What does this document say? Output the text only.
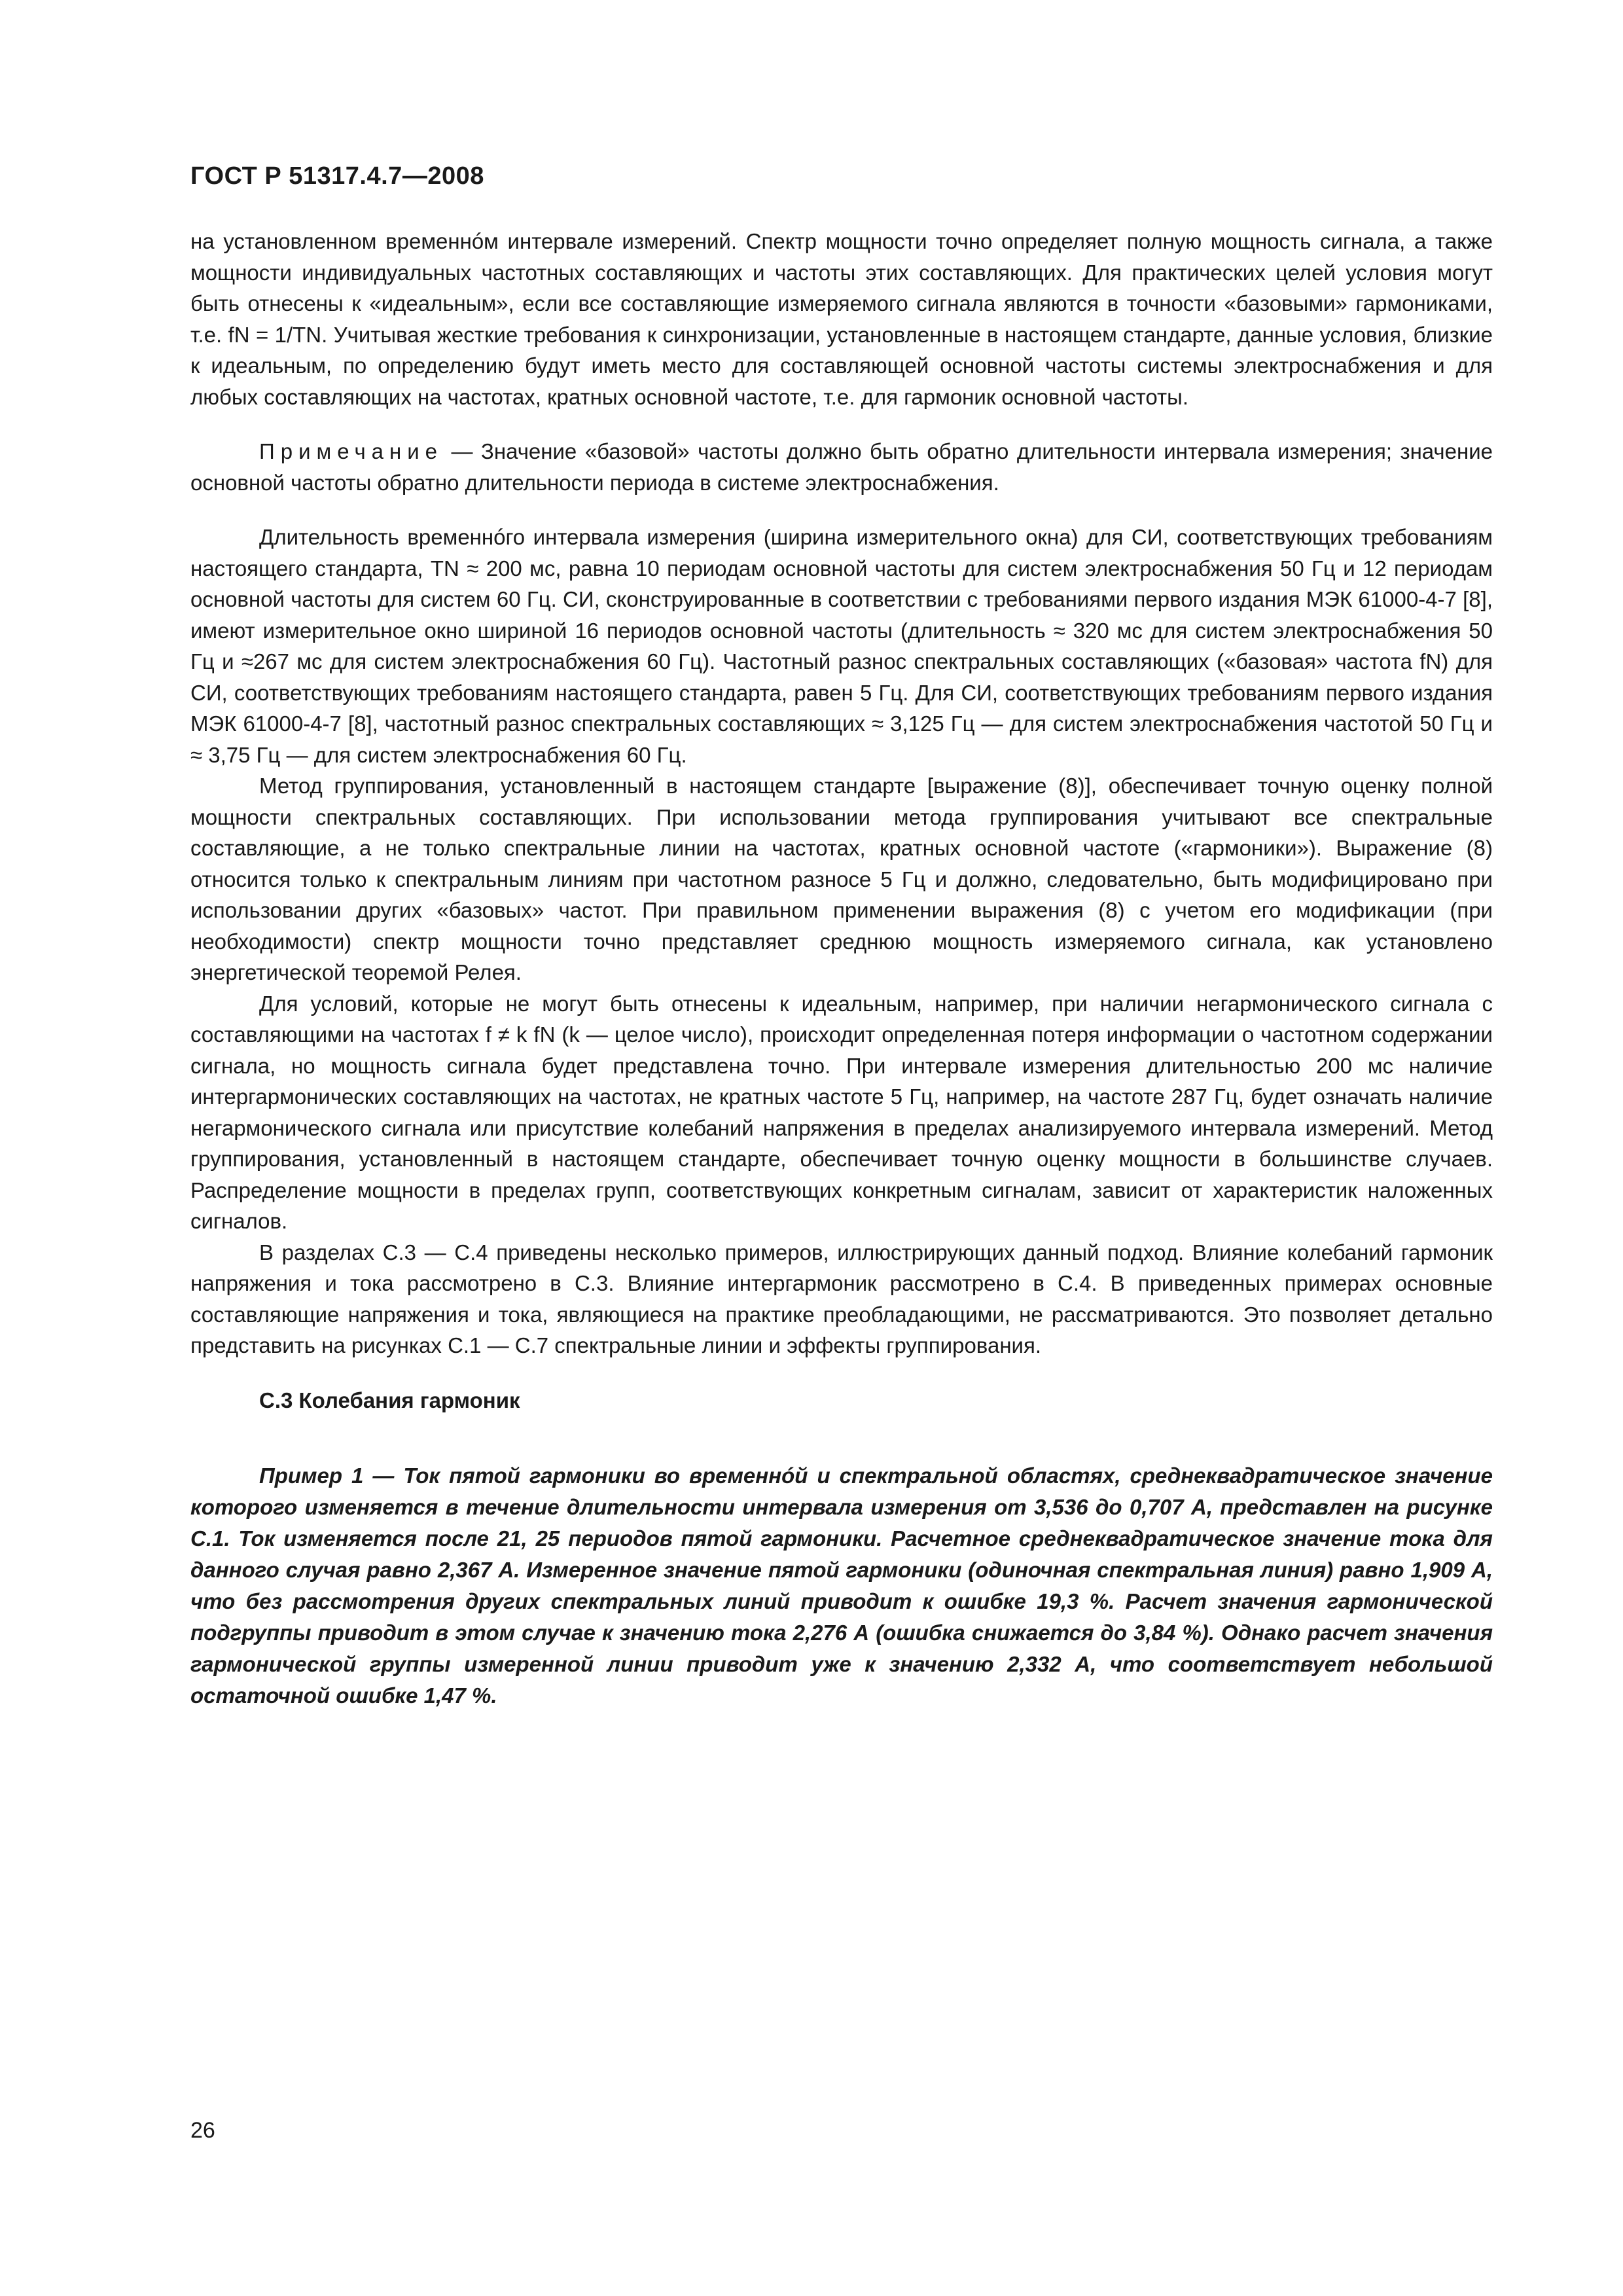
ГОСТ Р 51317.4.7—2008

на установленном временнóм интервале измерений. Спектр мощности точно определяет полную мощность сигнала, а также мощности индивидуальных частотных составляющих и частоты этих составляющих. Для практических целей условия могут быть отнесены к «идеальным», если все составляющие измеряемого сигнала являются в точности «базовыми» гармониками, т.е. fN = 1/TN. Учитывая жесткие требования к синхронизации, установленные в настоящем стандарте, данные условия, близкие к идеальным, по определению будут иметь место для составляющей основной частоты системы электроснабжения и для любых составляющих на частотах, кратных основной частоте, т.е. для гармоник основной частоты.

Примечание — Значение «базовой» частоты должно быть обратно длительности интервала измерения; значение основной частоты обратно длительности периода в системе электроснабжения.

Длительность временнóго интервала измерения (ширина измерительного окна) для СИ, соответствующих требованиям настоящего стандарта, TN ≈ 200 мс, равна 10 периодам основной частоты для систем электроснабжения 50 Гц и 12 периодам основной частоты для систем 60 Гц. СИ, сконструированные в соответствии с требованиями первого издания МЭК 61000-4-7 [8], имеют измерительное окно шириной 16 периодов основной частоты (длительность ≈ 320 мс для систем электроснабжения 50 Гц и ≈267 мс для систем электроснабжения 60 Гц). Частотный разнос спектральных составляющих («базовая» частота fN) для СИ, соответствующих требованиям настоящего стандарта, равен 5 Гц. Для СИ, соответствующих требованиям первого издания МЭК 61000-4-7 [8], частотный разнос спектральных составляющих ≈ 3,125 Гц — для систем электроснабжения частотой 50 Гц и ≈ 3,75 Гц — для систем электроснабжения 60 Гц.

Метод группирования, установленный в настоящем стандарте [выражение (8)], обеспечивает точную оценку полной мощности спектральных составляющих. При использовании метода группирования учитывают все спектральные составляющие, а не только спектральные линии на частотах, кратных основной частоте («гармоники»). Выражение (8) относится только к спектральным линиям при частотном разносе 5 Гц и должно, следовательно, быть модифицировано при использовании других «базовых» частот. При правильном применении выражения (8) с учетом его модификации (при необходимости) спектр мощности точно представляет среднюю мощность измеряемого сигнала, как установлено энергетической теоремой Релея.

Для условий, которые не могут быть отнесены к идеальным, например, при наличии негармонического сигнала с составляющими на частотах f ≠ k fN (k — целое число), происходит определенная потеря информации о частотном содержании сигнала, но мощность сигнала будет представлена точно. При интервале измерения длительностью 200 мс наличие интергармонических составляющих на частотах, не кратных частоте 5 Гц, например, на частоте 287 Гц, будет означать наличие негармонического сигнала или присутствие колебаний напряжения в пределах анализируемого интервала измерений. Метод группирования, установленный в настоящем стандарте, обеспечивает точную оценку мощности в большинстве случаев. Распределение мощности в пределах групп, соответствующих конкретным сигналам, зависит от характеристик наложенных сигналов.

В разделах С.3 — С.4 приведены несколько примеров, иллюстрирующих данный подход. Влияние колебаний гармоник напряжения и тока рассмотрено в С.3. Влияние интергармоник рассмотрено в С.4. В приведенных примерах основные составляющие напряжения и тока, являющиеся на практике преобладающими, не рассматриваются. Это позволяет детально представить на рисунках С.1 — С.7 спектральные линии и эффекты группирования.

С.3 Колебания гармоник

Пример 1 — Ток пятой гармоники во временнóй и спектральной областях, среднеквадратическое значение которого изменяется в течение длительности интервала измерения от 3,536 до 0,707 А, представлен на рисунке С.1. Ток изменяется после 21, 25 периодов пятой гармоники. Расчетное среднеквадратическое значение тока для данного случая равно 2,367 А. Измеренное значение пятой гармоники (одиночная спектральная линия) равно 1,909 А, что без рассмотрения других спектральных линий приводит к ошибке 19,3 %. Расчет значения гармонической подгруппы приводит в этом случае к значению тока 2,276 А (ошибка снижается до 3,84 %). Однако расчет значения гармонической группы измеренной линии приводит уже к значению 2,332 А, что соответствует небольшой остаточной ошибке 1,47 %.

26
